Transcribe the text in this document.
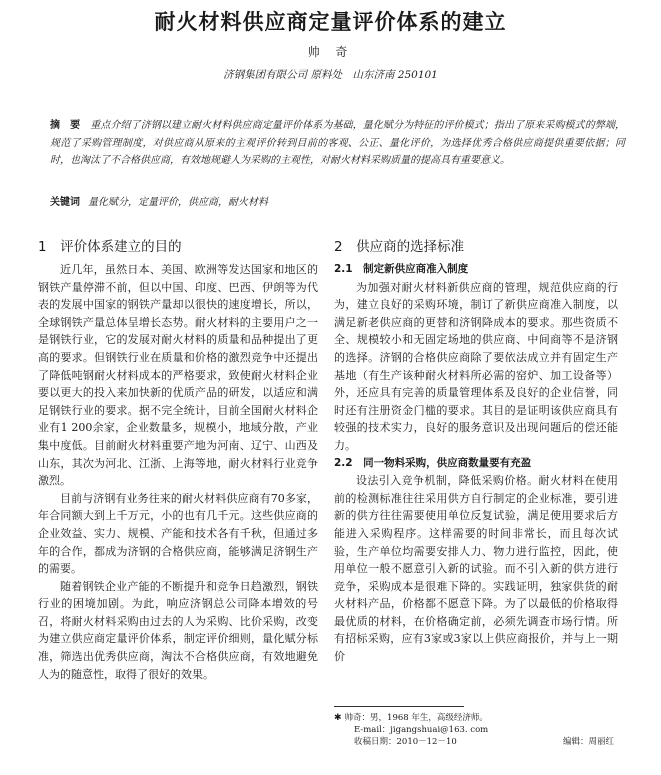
耐火材料供应商定量评价体系的建立
帅 奇
济钢集团有限公司 原料处　山东济南 250101
摘　要 重点介绍了济钢以建立耐火材料供应商定量评价体系为基础，量化赋分为特征的评价模式；指出了原来采购模式的弊端，规范了采购管理制度，对供应商从原来的主观评价转到目前的客观、公正、量化评价，为选择优秀合格供应商提供重要依据；同时，也淘汰了不合格供应商，有效地规避人为采购的主观性，对耐火材料采购质量的提高具有重要意义。
关键词 量化赋分，定量评价，供应商，耐火材料
1　评价体系建立的目的

近几年，虽然日本、美国、欧洲等发达国家和地区的钢铁产量停滞不前，但以中国、印度、巴西、伊朗等为代表的发展中国家的钢铁产量却以很快的速度增长，所以，全球钢铁产量总体呈增长态势。耐火材料的主要用户之一是钢铁行业，它的发展对耐火材料的质量和品种提出了更高的要求。但钢铁行业在质量和价格的激烈竞争中还提出了降低吨钢耐火材料成本的严格要求，致使耐火材料企业要以更大的投入来加快新的优质产品的研发，以适应和满足钢铁行业的要求。据不完全统计，目前全国耐火材料企业有1 200余家，企业数量多，规模小，地域分散，产业集中度低。目前耐火材料重要产地为河南、辽宁、山西及山东，其次为河北、江浙、上海等地，耐火材料行业竞争激烈。

目前与济钢有业务往来的耐火材料供应商有70多家，年合同额大到上千万元，小的也有几千元。这些供应商的企业效益、实力、规模、产能和技术各有千秋，但通过多年的合作，都成为济钢的合格供应商，能够满足济钢生产的需要。

随着钢铁企业产能的不断提升和竞争日趋激烈，钢铁行业的困境加剧。为此，响应济钢总公司降本增效的号召，将耐火材料采购由过去的人为采购、比价采购，改变为建立供应商定量评价体系，制定评价细则，量化赋分标准，筛选出优秀供应商，淘汰不合格供应商，有效地避免人为的随意性，取得了很好的效果。

2　供应商的选择标准
2.1　制定新供应商准入制度

为加强对耐火材料新供应商的管理，规范供应商的行为，建立良好的采购环境，制订了新供应商准入制度，以满足新老供应商的更替和济钢降成本的要求。那些资质不全、规模较小和无固定场地的供应商、中间商等不是济钢的选择。济钢的合格供应商除了要依法成立并有固定生产基地（有生产该种耐火材料所必需的窑炉、加工设备等）外，还应具有完善的质量管理体系及良好的企业信誉，同时还有注册资金门槛的要求。其目的是证明该供应商具有较强的技术实力，良好的服务意识及出现问题后的偿还能力。

2.2　同一物料采购，供应商数量要有充盈

设法引入竞争机制，降低采购价格。耐火材料在使用前的检测标准往往采用供方自行制定的企业标准，要引进新的供方往往需要使用单位反复试验，满足使用要求后方能进入采购程序。这样需要的时间非常长，而且每次试验，生产单位均需要安排人力、物力进行监控，因此，使用单位一般不愿意引入新的试验。而不引入新的供方进行竞争，采购成本是很难下降的。实践证明，独家供货的耐火材料产品，价格都不愿意下降。为了以最低的价格取得最优质的材料，在价格确定前，必须先调查市场行情。所有招标采购，应有3家或3家以上供应商报价，并与上一期价

✱ 帅奇：男，1968 年生，高级经济师。
E-mail：jigangshuai@163. com
收稿日期：2010－12－10	编辑：周丽红
